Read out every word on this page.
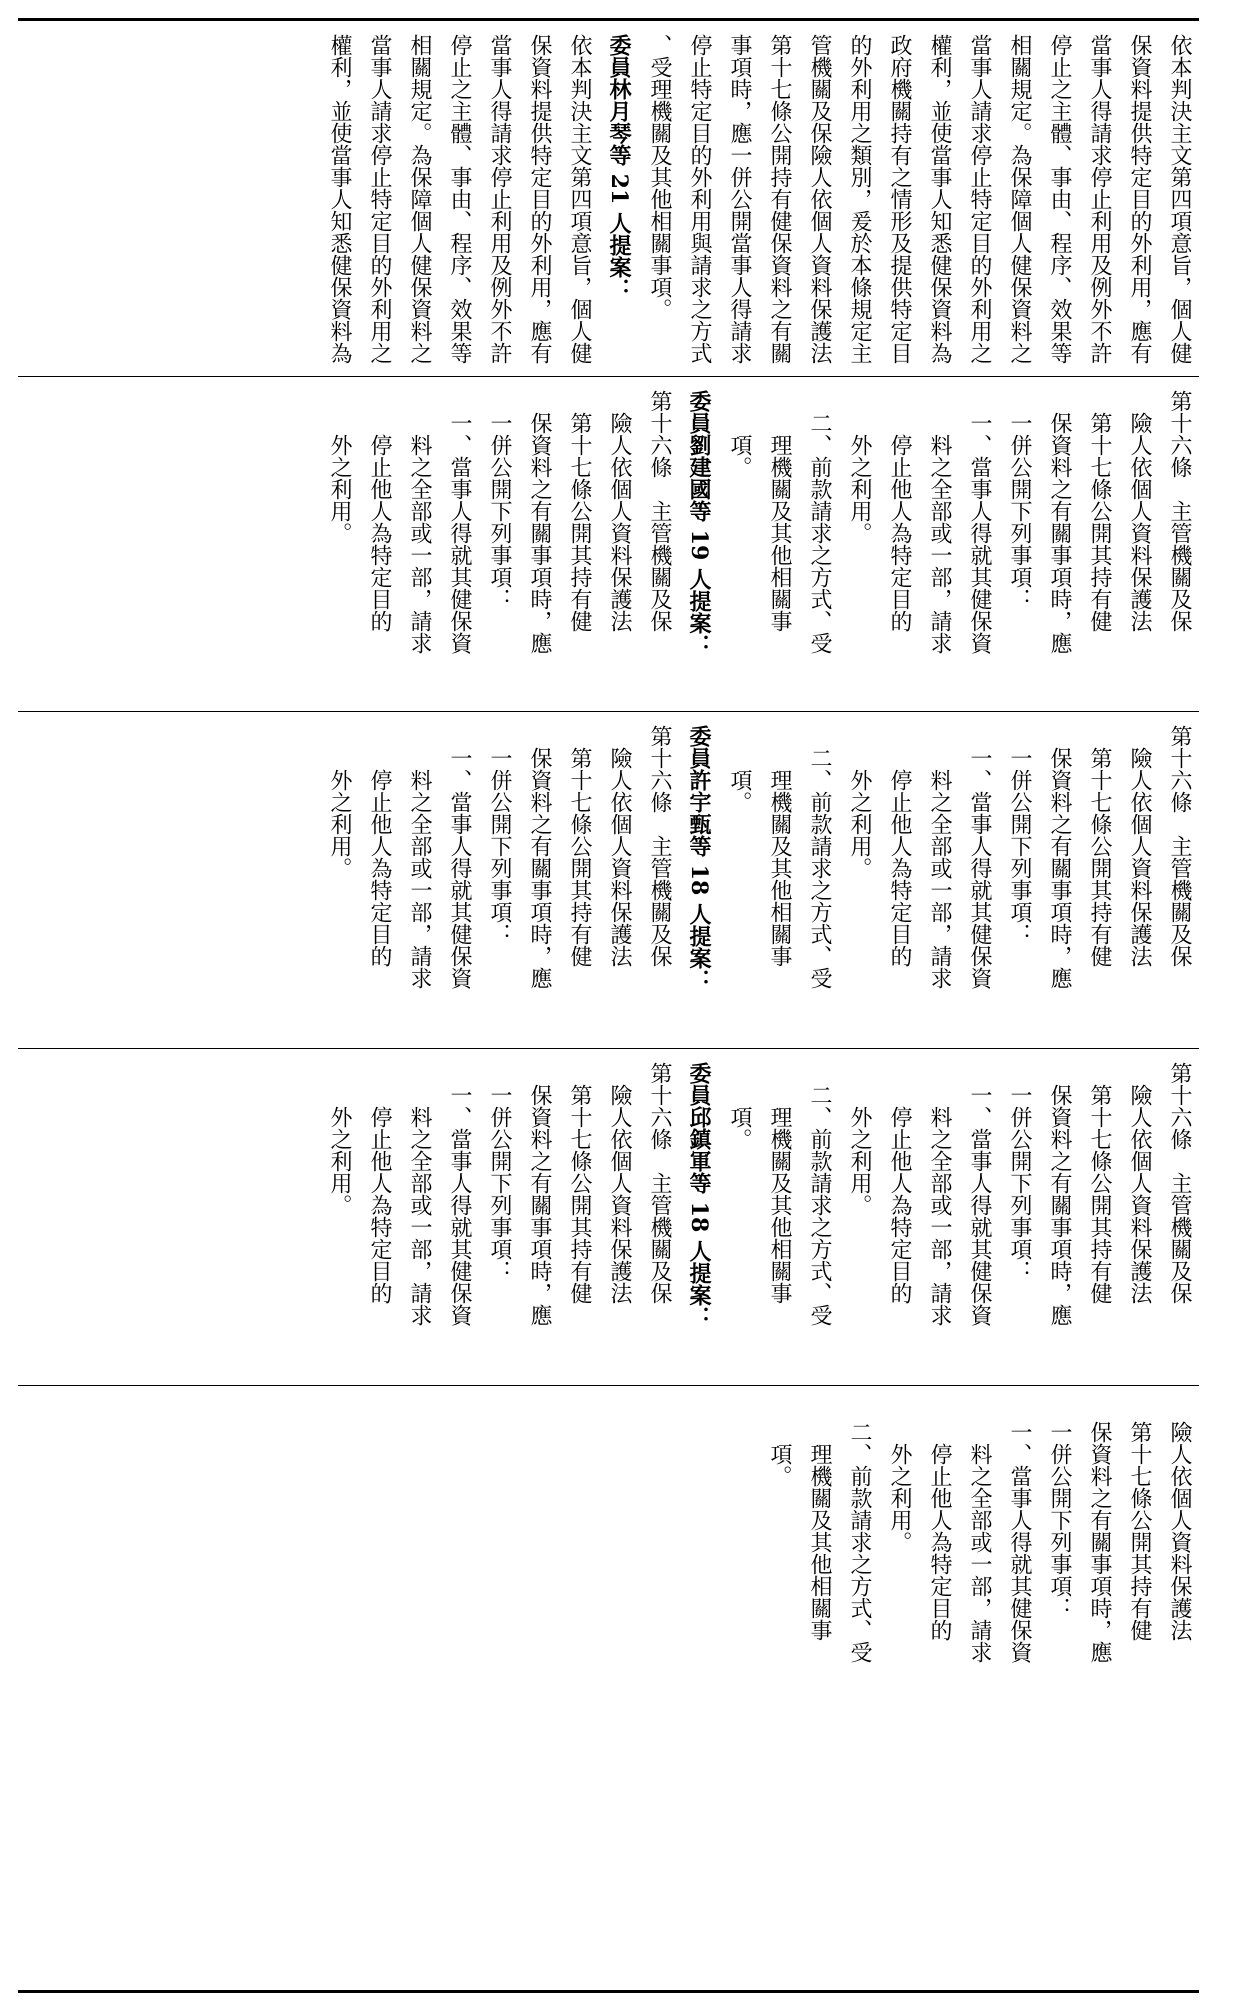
依本判決主文第四項意旨，個人健
保資料提供特定目的外利用，應有
當事人得請求停止利用及例外不許
停止之主體、事由、程序、效果等
相關規定。為保障個人健保資料之
當事人請求停止特定目的外利用之
權利，並使當事人知悉健保資料為
政府機關持有之情形及提供特定目
的外利用之類別，爰於本條規定主
管機關及保險人依個人資料保護法
第十七條公開持有健保資料之有關
事項時，應一併公開當事人得請求
停止特定目的外利用與請求之方式
、受理機關及其他相關事項。
委員林月琴等 21 人提案：
依本判決主文第四項意旨，個人健
保資料提供特定目的外利用，應有
當事人得請求停止利用及例外不許
停止之主體、事由、程序、效果等
相關規定。為保障個人健保資料之
當事人請求停止特定目的外利用之
權利，並使當事人知悉健保資料為
第十六條　主管機關及保
　險人依個人資料保護法
　第十七條公開其持有健
　保資料之有關事項時，應
　一併公開下列事項：
　一、當事人得就其健保資
　　料之全部或一部，請求
　　停止他人為特定目的
　　外之利用。
　二、前款請求之方式、受
　　理機關及其他相關事
　　項。
委員劉建國等 19 人提案：
第十六條　主管機關及保
　險人依個人資料保護法
　第十七條公開其持有健
　保資料之有關事項時，應
　一併公開下列事項：
　一、當事人得就其健保資
　　料之全部或一部，請求
　　停止他人為特定目的
　　外之利用。
第十六條　主管機關及保
　險人依個人資料保護法
　第十七條公開其持有健
　保資料之有關事項時，應
　一併公開下列事項：
　一、當事人得就其健保資
　　料之全部或一部，請求
　　停止他人為特定目的
　　外之利用。
　二、前款請求之方式、受
　　理機關及其他相關事
　　項。
委員許宇甄等 18 人提案：
第十六條　主管機關及保
　險人依個人資料保護法
　第十七條公開其持有健
　保資料之有關事項時，應
　一併公開下列事項：
　一、當事人得就其健保資
　　料之全部或一部，請求
　　停止他人為特定目的
　　外之利用。
第十六條　主管機關及保
　險人依個人資料保護法
　第十七條公開其持有健
　保資料之有關事項時，應
　一併公開下列事項：
　一、當事人得就其健保資
　　料之全部或一部，請求
　　停止他人為特定目的
　　外之利用。
　二、前款請求之方式、受
　　理機關及其他相關事
　　項。
委員邱鎮軍等 18 人提案：
第十六條　主管機關及保
　險人依個人資料保護法
　第十七條公開其持有健
　保資料之有關事項時，應
　一併公開下列事項：
　一、當事人得就其健保資
　　料之全部或一部，請求
　　停止他人為特定目的
　　外之利用。
　險人依個人資料保護法
　第十七條公開其持有健
　保資料之有關事項時，應
　一併公開下列事項：
　一、當事人得就其健保資
　　料之全部或一部，請求
　　停止他人為特定目的
　　外之利用。
　二、前款請求之方式、受
　　理機關及其他相關事
　　項。
